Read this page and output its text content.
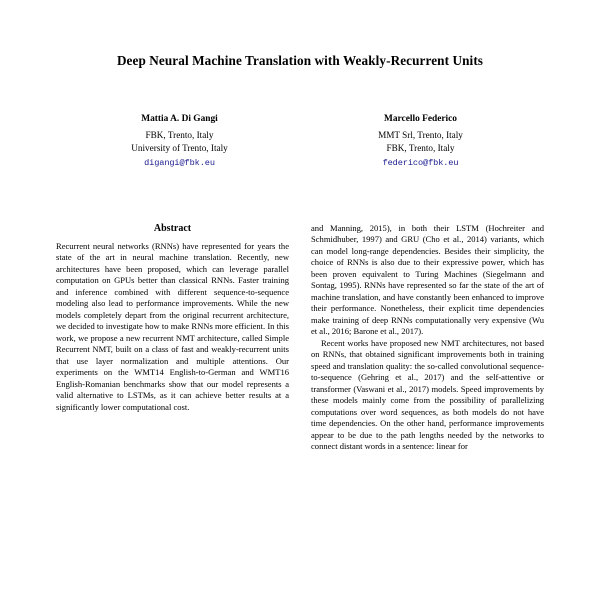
Deep Neural Machine Translation with Weakly-Recurrent Units
Mattia A. Di Gangi
FBK, Trento, Italy
University of Trento, Italy
digangi@fbk.eu
Marcello Federico
MMT Srl, Trento, Italy
FBK, Trento, Italy
federico@fbk.eu
Abstract

Recurrent neural networks (RNNs) have represented for years the state of the art in neural machine translation. Recently, new architectures have been proposed, which can leverage parallel computation on GPUs better than classical RNNs. Faster training and inference combined with different sequence-to-sequence modeling also lead to performance improvements. While the new models completely depart from the original recurrent architecture, we decided to investigate how to make RNNs more efficient. In this work, we propose a new recurrent NMT architecture, called Simple Recurrent NMT, built on a class of fast and weakly-recurrent units that use layer normalization and multiple attentions. Our experiments on the WMT14 English-to-German and WMT16 English-Romanian benchmarks show that our model represents a valid alternative to LSTMs, as it can achieve better results at a significantly lower computational cost.

and Manning, 2015), in both their LSTM (Hochreiter and Schmidhuber, 1997) and GRU (Cho et al., 2014) variants, which can model long-range dependencies. Besides their simplicity, the choice of RNNs is also due to their expressive power, which has been proven equivalent to Turing Machines (Siegelmann and Sontag, 1995). RNNs have represented so far the state of the art of machine translation, and have constantly been enhanced to improve their performance. Nonetheless, their explicit time dependencies make training of deep RNNs computationally very expensive (Wu et al., 2016; Barone et al., 2017).

Recent works have proposed new NMT architectures, not based on RNNs, that obtained significant improvements both in training speed and translation quality: the so-called convolutional sequence-to-sequence (Gehring et al., 2017) and the self-attentive or transformer (Vaswani et al., 2017) models. Speed improvements by these models mainly come from the possibility of parallelizing computations over word sequences, as both models do not have time dependencies. On the other hand, performance improvements appear to be due to the path lengths needed by the networks to connect distant words in a sentence: linear for
